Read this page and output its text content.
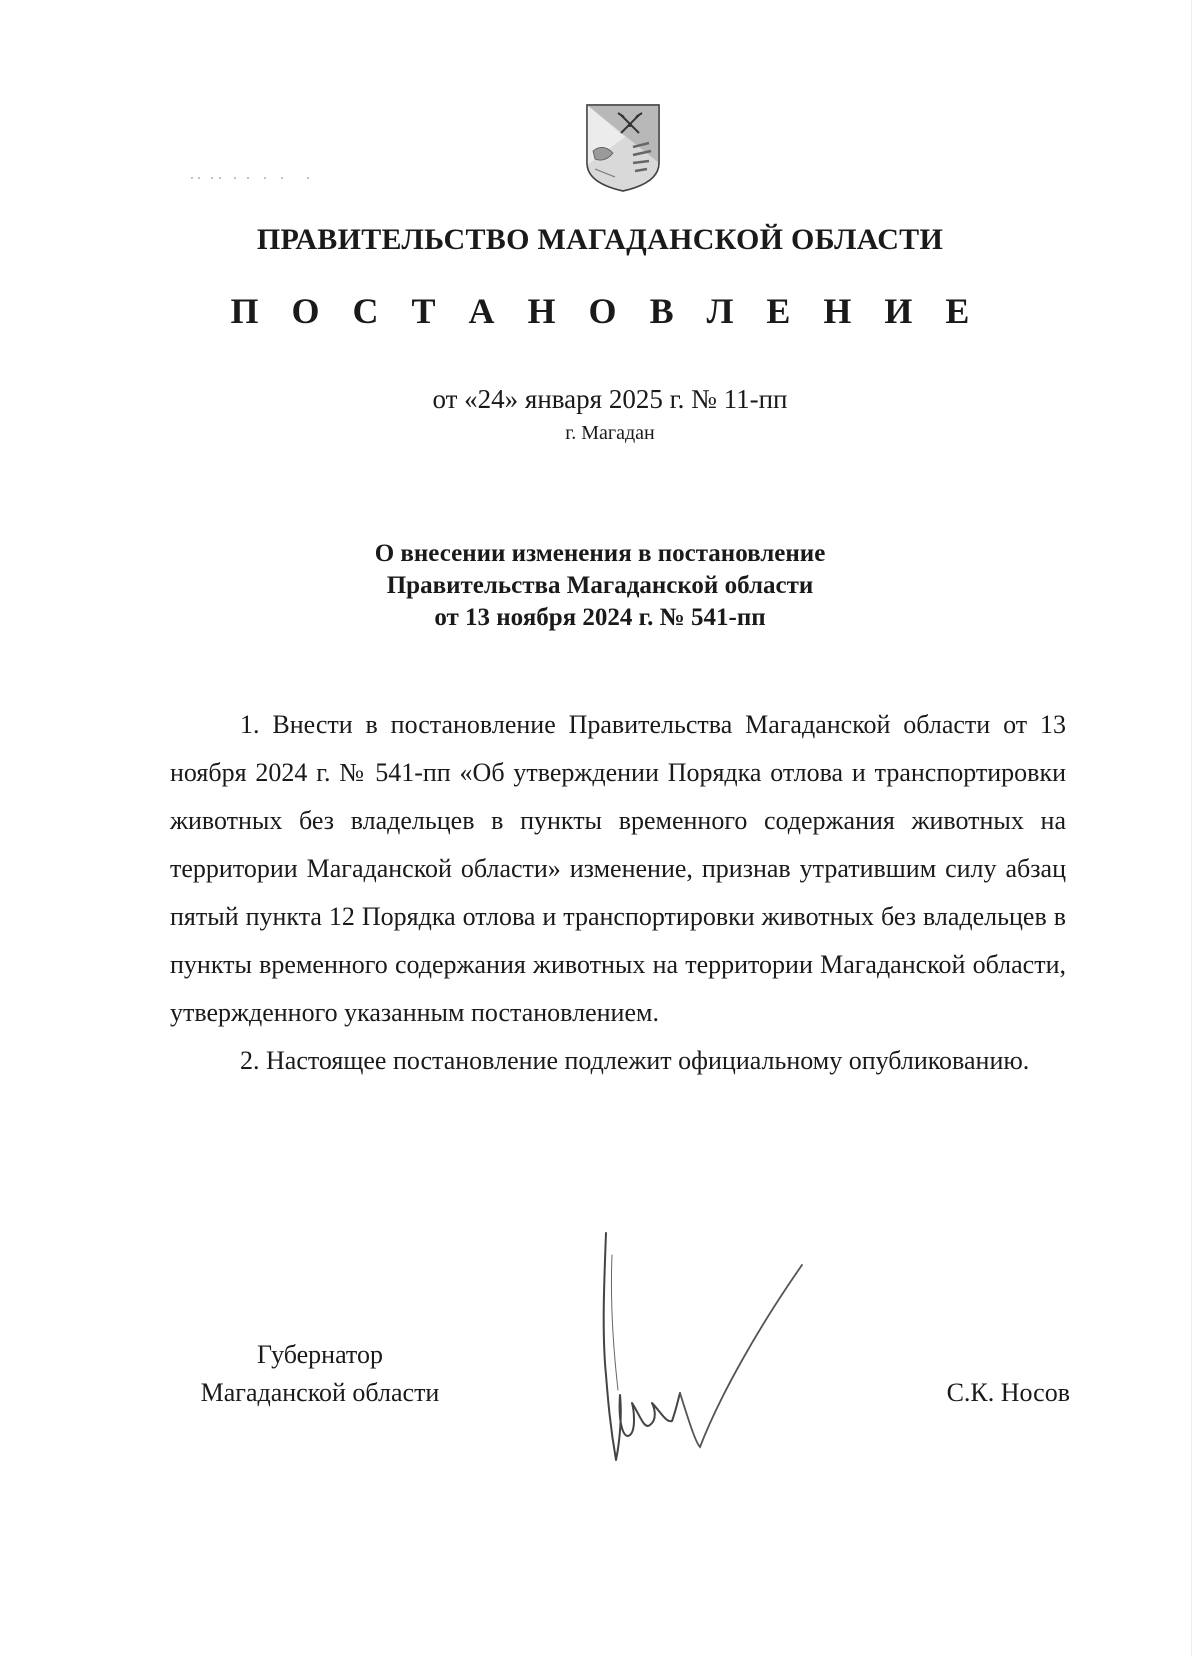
ПРАВИТЕЛЬСТВО МАГАДАНСКОЙ ОБЛАСТИ
П О С Т А Н О В Л Е Н И Е
от «24» января 2025 г. № 11-пп
г. Магадан
О внесении изменения в постановление
Правительства Магаданской области
от 13 ноября 2024 г. № 541-пп

1. Внести в постановление Правительства Магаданской области от 13 ноября 2024 г. № 541-пп «Об утверждении Порядка отлова и транспортировки животных без владельцев в пункты временного содержания животных на территории Магаданской области» изменение, признав утратившим силу абзац пятый пункта 12 Порядка отлова и транспортировки животных без владельцев в пункты временного содержания животных на территории Магаданской области, утвержденного указанным постановлением.

2. Настоящее постановление подлежит официальному опубликованию.

Губернатор
Магаданской области	С.К. Носов
